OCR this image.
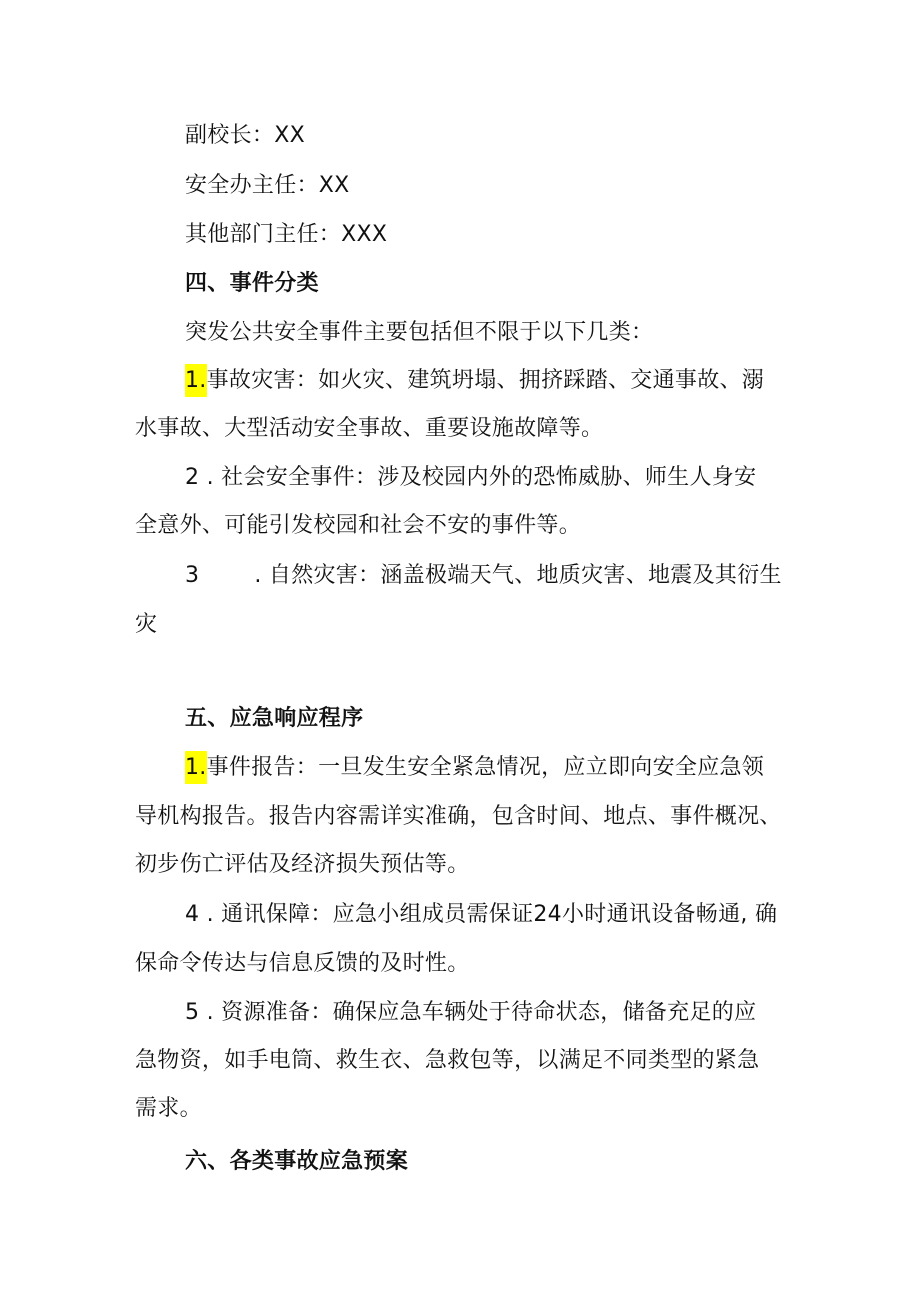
副校长：XX

安全办主任：XX

其他部门主任：XXX

四、事件分类

突发公共安全事件主要包括但不限于以下几类：

1.事故灾害：如火灾、建筑坍塌、拥挤踩踏、交通事故、溺

水事故、大型活动安全事故、重要设施故障等。

2 . 社会安全事件：涉及校园内外的恐怖威胁、师生人身安

全意外、可能引发校园和社会不安的事件等。

3	. 自然灾害：涵盖极端天气、地质灾害、地震及其衍生

灾

五、应急响应程序

1.事件报告：一旦发生安全紧急情况，应立即向安全应急领

导机构报告。报告内容需详实准确，包含时间、地点、事件概况、

初步伤亡评估及经济损失预估等。

4 . 通讯保障：应急小组成员需保证24小时通讯设备畅通, 确

保命令传达与信息反馈的及时性。

5 . 资源准备：确保应急车辆处于待命状态，储备充足的应

急物资，如手电筒、救生衣、急救包等，以满足不同类型的紧急

需求。

六、各类事故应急预案
